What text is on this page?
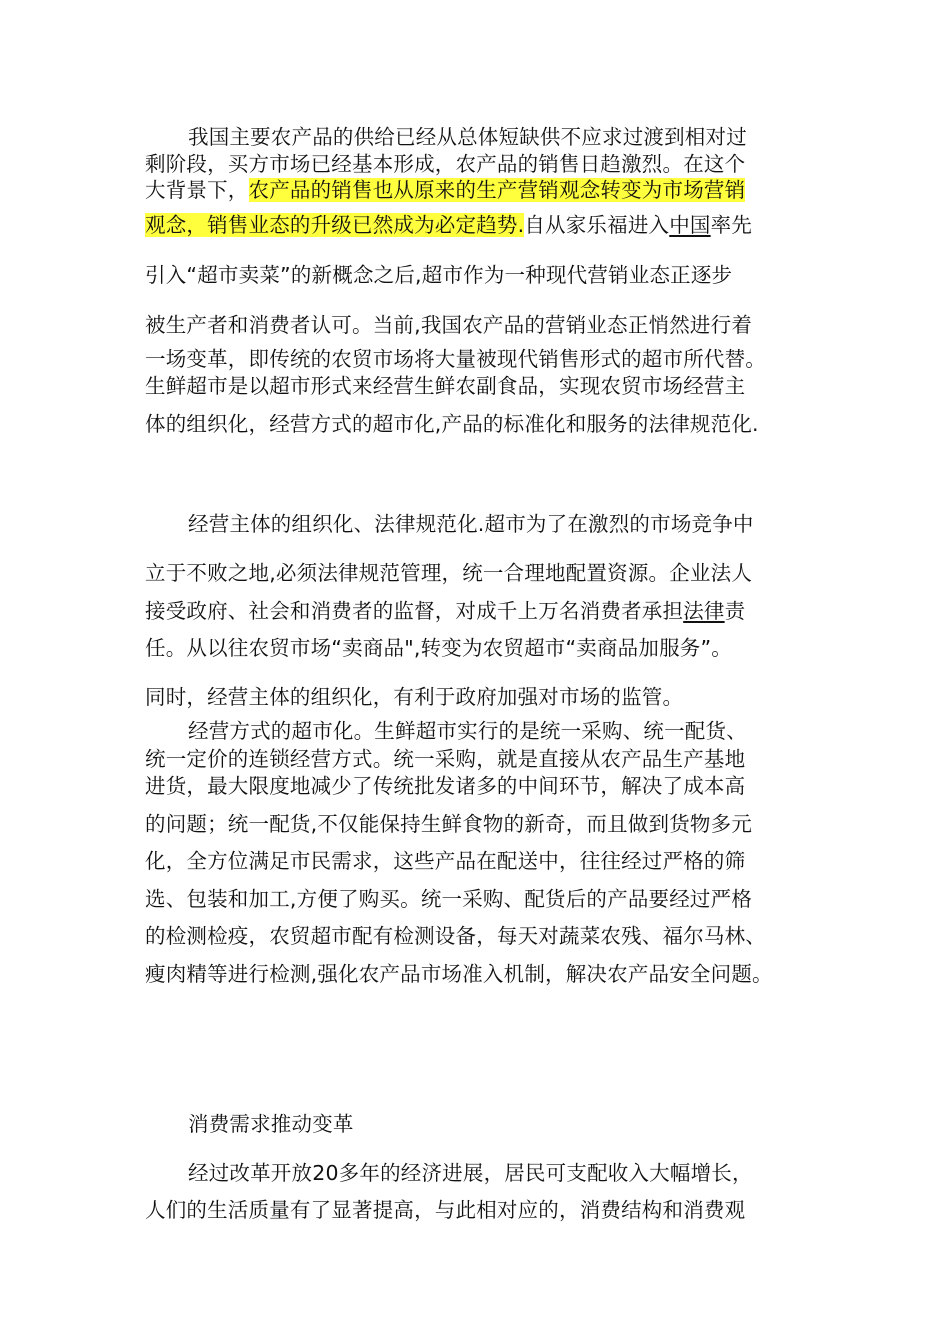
我国主要农产品的供给已经从总体短缺供不应求过渡到相对过
剩阶段，买方市场已经基本形成，农产品的销售日趋激烈。在这个
大背景下，农产品的销售也从原来的生产营销观念转变为市场营销
观念，销售业态的升级已然成为必定趋势.自从家乐福进入中国率先
引入“超市卖菜”的新概念之后,超市作为一种现代营销业态正逐步
被生产者和消费者认可。当前,我国农产品的营销业态正悄然进行着
一场变革，即传统的农贸市场将大量被现代销售形式的超市所代替。
生鲜超市是以超市形式来经营生鲜农副食品，实现农贸市场经营主
体的组织化，经营方式的超市化,产品的标准化和服务的法律规范化.
经营主体的组织化、法律规范化.超市为了在激烈的市场竞争中
立于不败之地,必须法律规范管理，统一合理地配置资源。企业法人
接受政府、社会和消费者的监督，对成千上万名消费者承担法律责
任。从以往农贸市场“卖商品",转变为农贸超市“卖商品加服务”。
同时，经营主体的组织化，有利于政府加强对市场的监管。
经营方式的超市化。生鲜超市实行的是统一采购、统一配货、
统一定价的连锁经营方式。统一采购，就是直接从农产品生产基地
进货，最大限度地减少了传统批发诸多的中间环节，解决了成本高
的问题；统一配货,不仅能保持生鲜食物的新奇，而且做到货物多元
化，全方位满足市民需求，这些产品在配送中，往往经过严格的筛
选、包装和加工,方便了购买。统一采购、配货后的产品要经过严格
的检测检疫，农贸超市配有检测设备，每天对蔬菜农残、福尔马林、
瘦肉精等进行检测,强化农产品市场准入机制，解决农产品安全问题。
消费需求推动变革
经过改革开放20多年的经济进展，居民可支配收入大幅增长，
人们的生活质量有了显著提高，与此相对应的，消费结构和消费观
